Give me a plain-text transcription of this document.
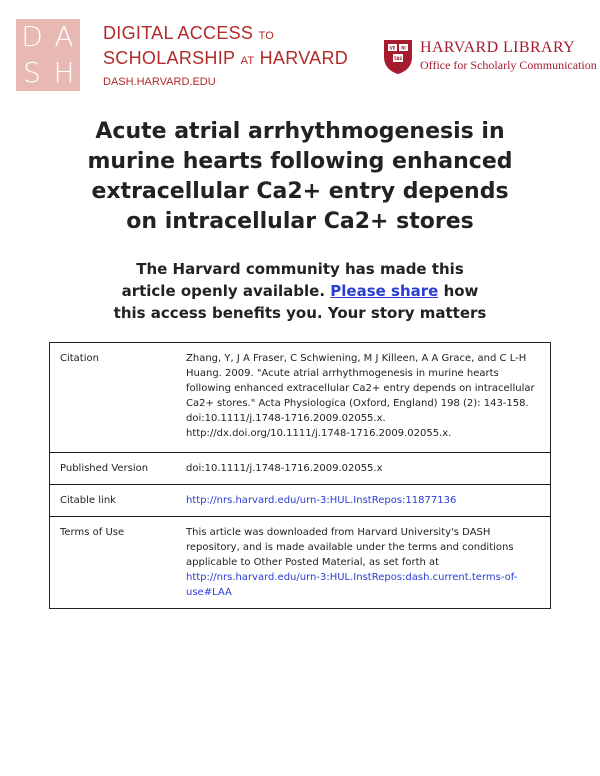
D A
S H
DIGITAL ACCESS TO
SCHOLARSHIP AT HARVARD
DASH.HARVARD.EDU
VE RI
TAS
HARVARD LIBRARY
Office for Scholarly Communication
Acute atrial arrhythmogenesis in
murine hearts following enhanced
extracellular Ca2+ entry depends
on intracellular Ca2+ stores
The Harvard community has made this
article openly available. Please share how
this access benefits you. Your story matters
Citation	Zhang, Y, J A Fraser, C Schwiening, M J Killeen, A A Grace, and C L-H Huang. 2009. "Acute atrial arrhythmogenesis in murine hearts following enhanced extracellular Ca2+ entry depends on intracellular Ca2+ stores." Acta Physiologica (Oxford, England) 198 (2): 143-158. doi:10.1111/j.1748-1716.2009.02055.x. http://dx.doi.org/10.1111/j.1748-1716.2009.02055.x.
Published Version	doi:10.1111/j.1748-1716.2009.02055.x
Citable link	http://nrs.harvard.edu/urn-3:HUL.InstRepos:11877136
Terms of Use	This article was downloaded from Harvard University's DASH repository, and is made available under the terms and conditions applicable to Other Posted Material, as set forth at http://nrs.harvard.edu/urn-3:HUL.InstRepos:dash.current.terms-of-use#LAA
